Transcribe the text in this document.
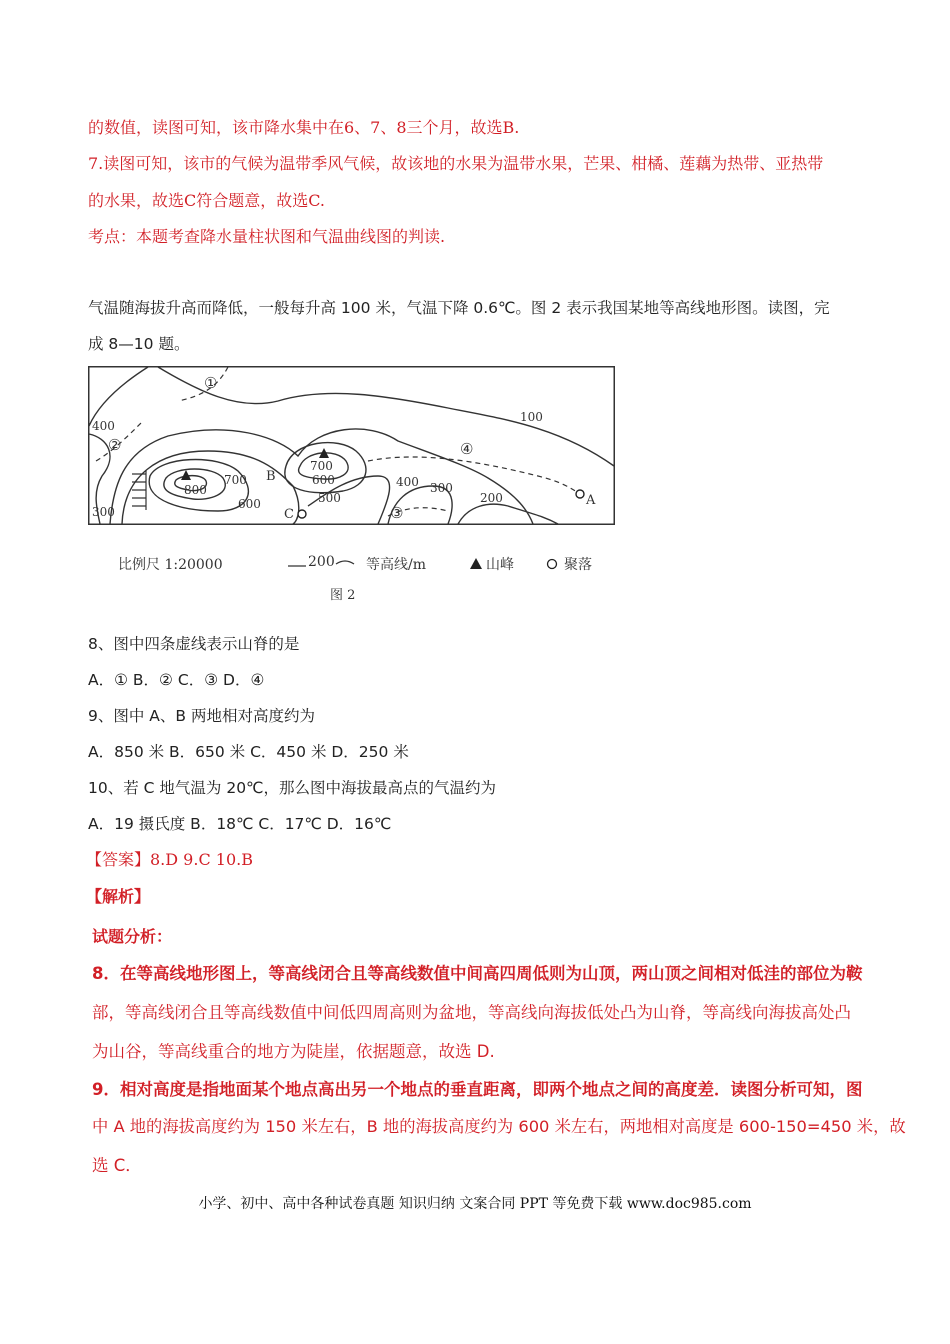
的数值，读图可知，该市降水集中在6、7、8三个月，故选B.
7.读图可知，该市的气候为温带季风气候，故该地的水果为温带水果，芒果、柑橘、莲藕为热带、亚热带
的水果，故选C符合题意，故选C.
考点：本题考查降水量柱状图和气温曲线图的判读.
气温随海拔升高而降低，一般每升高 100 米，气温下降 0.6℃。图 2 表示我国某地等高线地形图。读图，完
成 8—10 题。
100
400
300
700
800
600
B
700
600
500
C
400 300
200	A
①
②
③
④
比例尺 1:20000	200 等高线/m	山峰	聚落
图 2
8、图中四条虚线表示山脊的是
A．① B．② C．③ D．④
9、图中 A、B 两地相对高度约为
A．850 米 B．650 米 C．450 米 D．250 米
10、若 C 地气温为 20℃，那么图中海拔最高点的气温约为
A．19 摄氏度 B．18℃ C．17℃ D．16℃
【答案】8.D 9.C 10.B
【解析】
试题分析：
8．在等高线地形图上，等高线闭合且等高线数值中间高四周低则为山顶，两山顶之间相对低洼的部位为鞍
部，等高线闭合且等高线数值中间低四周高则为盆地，等高线向海拔低处凸为山脊，等高线向海拔高处凸
为山谷，等高线重合的地方为陡崖，依据题意，故选 D.
9．相对高度是指地面某个地点高出另一个地点的垂直距离，即两个地点之间的高度差．读图分析可知，图
中 A 地的海拔高度约为 150 米左右，B 地的海拔高度约为 600 米左右，两地相对高度是 600-150=450 米，故
选 C．
小学、初中、高中各种试卷真题 知识归纳 文案合同 PPT 等免费下载 www.doc985.com
